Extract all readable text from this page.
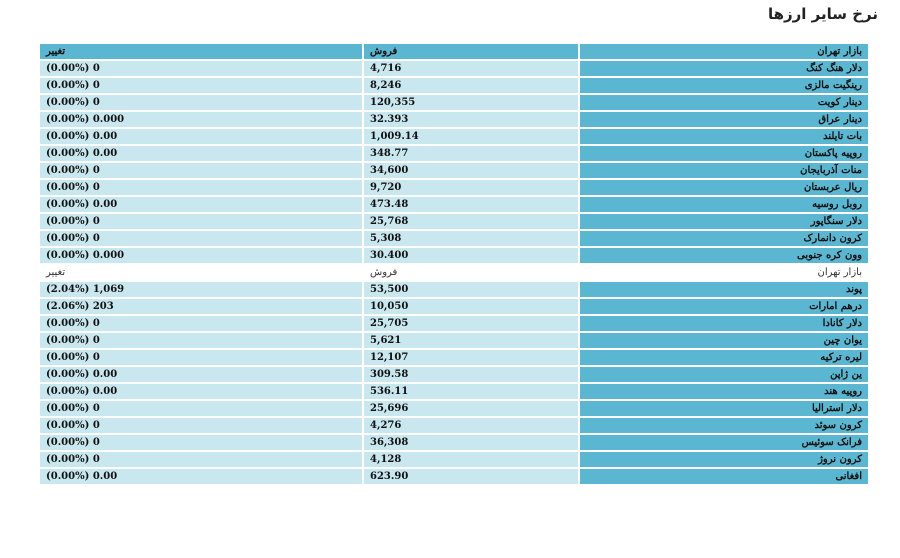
نرخ سایر ارزها
بازار تهران	فروش	تغییر
دلار هنگ کنگ	4,716	0 (0.00%)
رینگیت مالزی	8,246	0 (0.00%)
دینار کویت	120,355	0 (0.00%)
دینار عراق	32.393	0.000 (0.00%)
بات تایلند	1,009.14	0.00 (0.00%)
روپیه پاکستان	348.77	0.00 (0.00%)
منات آذربایجان	34,600	0 (0.00%)
ریال عربستان	9,720	0 (0.00%)
روبل روسیه	473.48	0.00 (0.00%)
دلار سنگاپور	25,768	0 (0.00%)
کرون دانمارک	5,308	0 (0.00%)
وون کره جنوبی	30.400	0.000 (0.00%)
بازار تهران	فروش	تغییر
پوند	53,500	1,069 (2.04%)
درهم امارات	10,050	203 (2.06%)
دلار کانادا	25,705	0 (0.00%)
یوان چین	5,621	0 (0.00%)
لیره ترکیه	12,107	0 (0.00%)
ین ژاپن	309.58	0.00 (0.00%)
روپیه هند	536.11	0.00 (0.00%)
دلار استرالیا	25,696	0 (0.00%)
کرون سوئد	4,276	0 (0.00%)
فرانک سوئیس	36,308	0 (0.00%)
کرون نروژ	4,128	0 (0.00%)
افغانی	623.90	0.00 (0.00%)
